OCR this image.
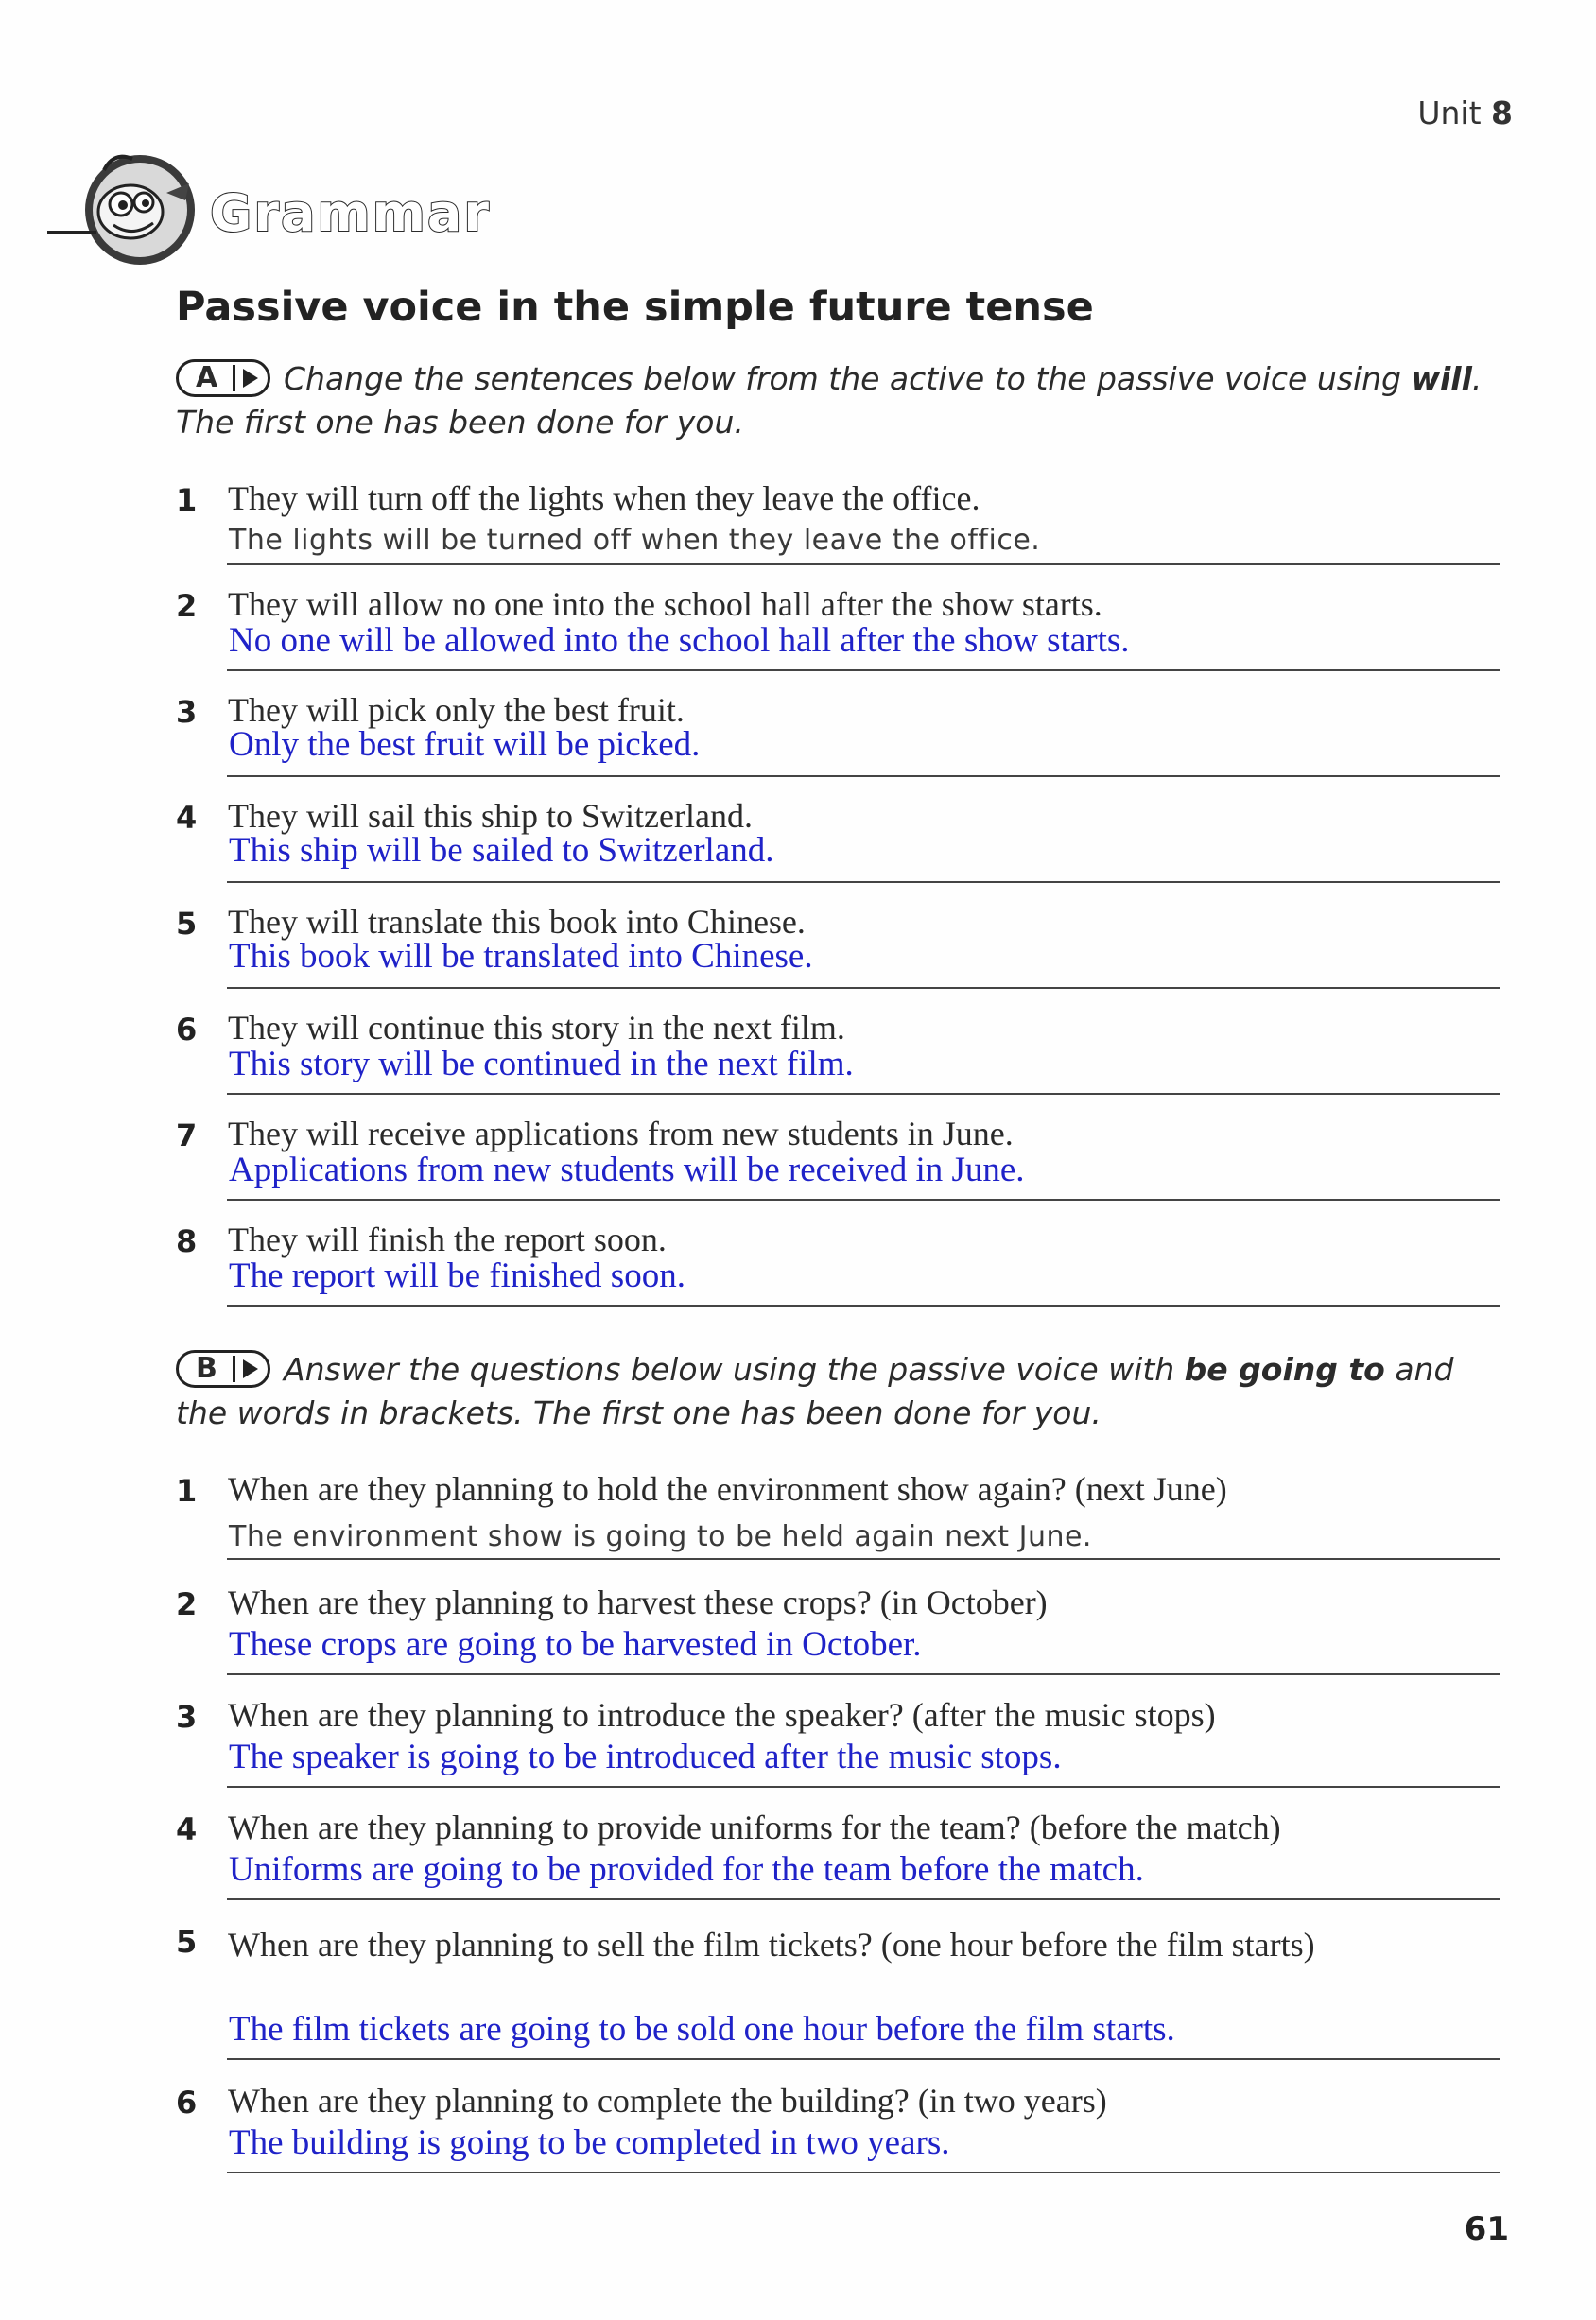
Unit 8
Grammar
Passive voice in the simple future tense
A Change the sentences below from the active to the passive voice using will. The first one has been done for you.
1 They will turn off the lights when they leave the office.
The lights will be turned off when they leave the office.
2 They will allow no one into the school hall after the show starts.
No one will be allowed into the school hall after the show starts.
3 They will pick only the best fruit.
Only the best fruit will be picked.
4 They will sail this ship to Switzerland.
This ship will be sailed to Switzerland.
5 They will translate this book into Chinese.
This book will be translated into Chinese.
6 They will continue this story in the next film.
This story will be continued in the next film.
7 They will receive applications from new students in June.
Applications from new students will be received in June.
8 They will finish the report soon.
The report will be finished soon.
B Answer the questions below using the passive voice with be going to and the words in brackets. The first one has been done for you.
1 When are they planning to hold the environment show again? (next June)
The environment show is going to be held again next June.
2 When are they planning to harvest these crops? (in October)
These crops are going to be harvested in October.
3 When are they planning to introduce the speaker? (after the music stops)
The speaker is going to be introduced after the music stops.
4 When are they planning to provide uniforms for the team? (before the match)
Uniforms are going to be provided for the team before the match.
5 When are they planning to sell the film tickets? (one hour before the film starts)
The film tickets are going to be sold one hour before the film starts.
6 When are they planning to complete the building? (in two years)
The building is going to be completed in two years.
61
